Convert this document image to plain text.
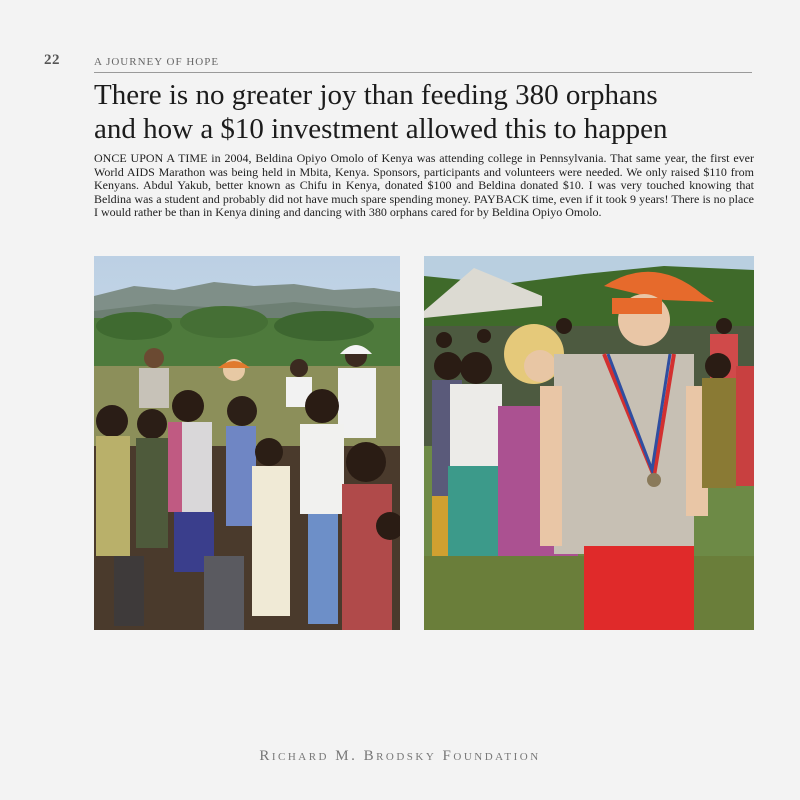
22	A JOURNEY OF HOPE
There is no greater joy than feeding 380 orphans
and how a $10 investment allowed this to happen

ONCE UPON A TIME in 2004, Beldina Opiyo Omolo of Kenya was attending college in Pennsylvania. That same year, the first ever World AIDS Marathon was being held in Mbita, Kenya. Sponsors, participants and volunteers were needed. We only raised $110 from Kenyans. Abdul Yakub, better known as Chifu in Kenya, donated $100 and Beldina donated $10. I was very touched knowing that Beldina was a student and probably did not have much spare spending money. PAYBACK time, even if it took 9 years! There is no place I would rather be than in Kenya dining and dancing with 380 orphans cared for by Beldina Opiyo Omolo.

Richard M. Brodsky Foundation
